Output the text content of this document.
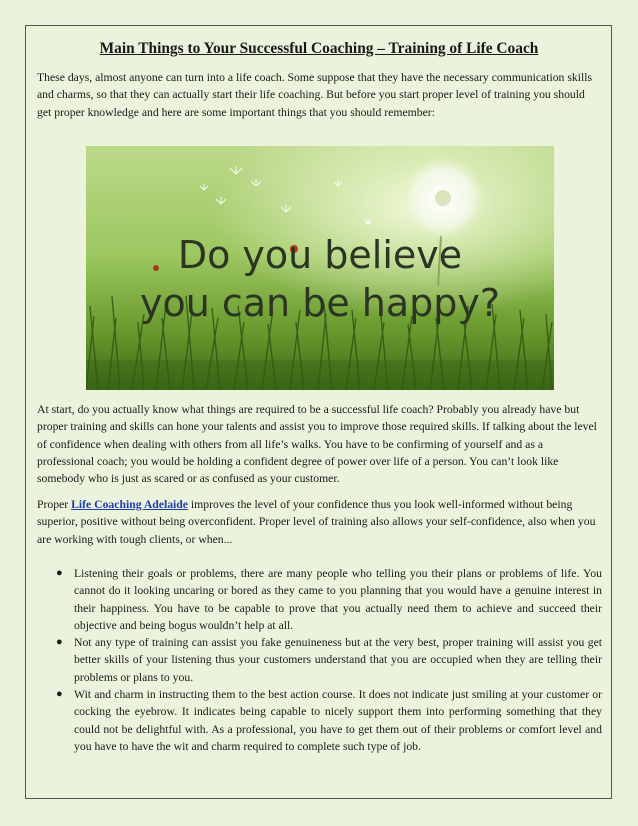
Main Things to Your Successful Coaching – Training of Life Coach

These days, almost anyone can turn into a life coach. Some suppose that they have the necessary communication skills and charms, so that they can actually start their life coaching. But before you start proper level of training you should get proper knowledge and here are some important things that you should remember:

Do you believe
you can be happy?

At start, do you actually know what things are required to be a successful life coach? Probably you already have but proper training and skills can hone your talents and assist you to improve those required skills. If talking about the level of confidence when dealing with others from all life’s walks. You have to be confirming of yourself and as a professional coach; you would be holding a confident degree of power over life of a person. You can’t look like somebody who is just as scared or as confused as your customer.

Proper Life Coaching Adelaide improves the level of your confidence thus you look well-informed without being superior, positive without being overconfident. Proper level of training also allows your self-confidence, also when you are working with tough clients, or when...

● Listening their goals or problems, there are many people who telling you their plans or problems of life. You cannot do it looking uncaring or bored as they came to you planning that you would have a genuine interest in their happiness. You have to be capable to prove that you actually need them to achieve and succeed their objective and being bogus wouldn’t help at all.
● Not any type of training can assist you fake genuineness but at the very best, proper training will assist you get better skills of your listening thus your customers understand that you are occupied when they are telling their problems or plans to you.
● Wit and charm in instructing them to the best action course. It does not indicate just smiling at your customer or cocking the eyebrow. It indicates being capable to nicely support them into performing something that they could not be delightful with. As a professional, you have to get them out of their problems or comfort level and you have to have the wit and charm required to complete such type of job.
